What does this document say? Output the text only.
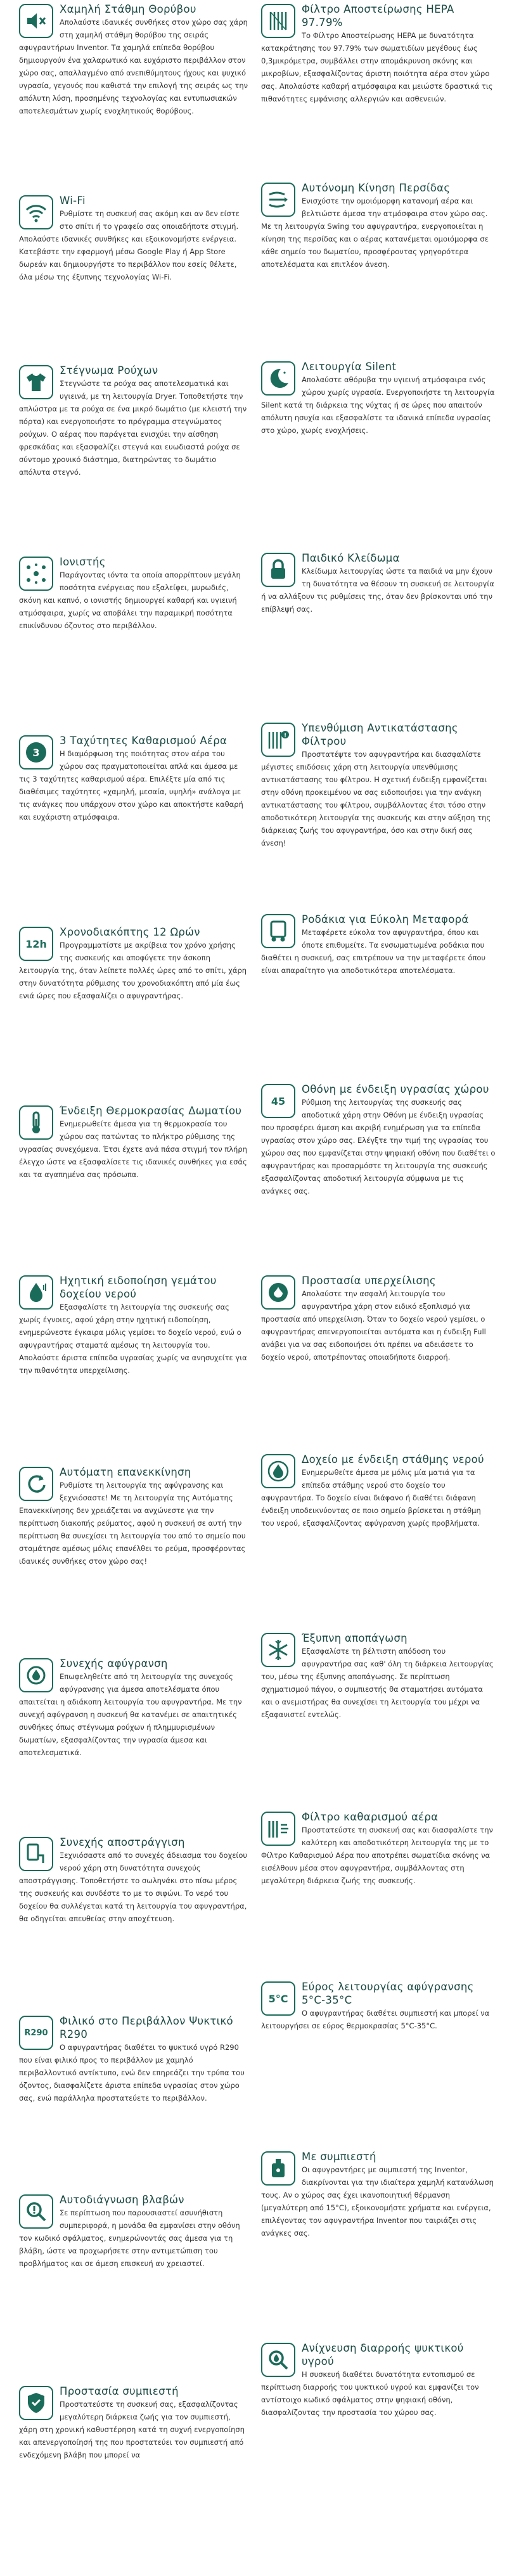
Χαμηλή Στάθμη Θορύβου

Απολαύστε ιδανικές συνθήκες στον χώρο σας χάρη στη χαμηλή στάθμη θορύβου της σειράς αφυγραντήρων Inventor. Τα χαμηλά επίπεδα θορύβου δημιουργούν ένα χαλαρωτικό και ευχάριστο περιβάλλον στον χώρο σας, απαλλαγμένο από ανεπιθύμητους ήχους και ψυχικό υγρασία, γεγονός που καθιστά την επιλογή της σειράς ως την απόλυτη λύση, προσημένης τεχνολογίας και εντυπωσιακών αποτελεσμάτων χωρίς ενοχλητικούς θορύβους.

Wi-Fi

Ρυθμίστε τη συσκευή σας ακόμη και αν δεν είστε στο σπίτι ή το γραφείο σας οποιαδήποτε στιγμή. Απολαύστε ιδανικές συνθήκες και εξοικονομήστε ενέργεια. Κατεβάστε την εφαρμογή μέσω Google Play ή App Store δωρεάν και δημιουργήστε το περιβάλλον που εσείς θέλετε, όλα μέσω της έξυπνης τεχνολογίας Wi-Fi.

Στέγνωμα Ρούχων

Στεγνώστε τα ρούχα σας αποτελεσματικά και υγιεινά, με τη λειτουργία Dryer. Τοποθετήστε την απλώστρα με τα ρούχα σε ένα μικρό δωμάτιο (με κλειστή την πόρτα) και ενεργοποιήστε το πρόγραμμα στεγνώματος ρούχων. Ο αέρας που παράγεται ενισχύει την αίσθηση φρεσκάδας και εξασφαλίζει στεγνά και ευωδιαστά ρούχα σε σύντομο χρονικό διάστημα, διατηρώντας το δωμάτιο απόλυτα στεγνό.

Ιονιστής

Παράγοντας ιόντα τα οποία απορρίπτουν μεγάλη ποσότητα ενέργειας που εξαλείφει, μυρωδιές, σκόνη και καπνό, ο ιονιστής δημιουργεί καθαρή και υγιεινή ατμόσφαιρα, χωρίς να αποβάλει την παραμικρή ποσότητα επικίνδυνου όζοντος στο περιβάλλον.

3
3 Ταχύτητες Καθαρισμού Αέρα

Η διαμόρφωση της ποιότητας στον αέρα του χώρου σας πραγματοποιείται απλά και άμεσα με τις 3 ταχύτητες καθαρισμού αέρα. Επιλέξτε μία από τις διαθέσιμες ταχύτητες «χαμηλή, μεσαία, υψηλή» ανάλογα με τις ανάγκες που υπάρχουν στον χώρο και αποκτήστε καθαρή και ευχάριστη ατμόσφαιρα.

12h
Χρονοδιακόπτης 12 Ωρών

Προγραμματίστε με ακρίβεια τον χρόνο χρήσης της συσκευής και αποφύγετε την άσκοπη λειτουργία της, όταν λείπετε πολλές ώρες από το σπίτι, χάρη στην δυνατότητα ρύθμισης του χρονοδιακόπτη από μία έως ενιά ώρες που εξασφαλίζει ο αφυγραντήρας.

Ένδειξη Θερμοκρασίας Δωματίου

Ενημερωθείτε άμεσα για τη θερμοκρασία του χώρου σας πατώντας το πλήκτρο ρύθμισης της υγρασίας συνεχόμενα. Έτσι έχετε ανά πάσα στιγμή τον πλήρη έλεγχο ώστε να εξασφαλίσετε τις ιδανικές συνθήκες για εσάς και τα αγαπημένα σας πρόσωπα.

Ηχητική ειδοποίηση γεμάτου δοχείου νερού

Εξασφαλίστε τη λειτουργία της συσκευής σας χωρίς έγνοιες, αφού χάρη στην ηχητική ειδοποίηση, ενημερώνεστε έγκαιρα μόλις γεμίσει το δοχείο νερού, ενώ ο αφυγραντήρας σταματά αμέσως τη λειτουργία του. Απολαύστε άριστα επίπεδα υγρασίας χωρίς να ανησυχείτε για την πιθανότητα υπερχείλισης.

Αυτόματη επανεκκίνηση

Ρυθμίστε τη λειτουργία της αφύγρανσης και ξεχνιόσαστε! Με τη λειτουργία της Αυτόματης Επανεκκίνησης δεν χρειάζεται να ανχώνεστε για την περίπτωση διακοπής ρεύματος, αφού η συσκευή σε αυτή την περίπτωση θα συνεχίσει τη λειτουργία του από το σημείο που σταμάτησε αμέσως μόλις επανέλθει το ρεύμα, προσφέροντας ιδανικές συνθήκες στον χώρο σας!

Συνεχής αφύγρανση

Επωφεληθείτε από τη λειτουργία της συνεχούς αφύγρανσης για άμεσα αποτελέσματα όπου απαιτείται η αδιάκοπη λειτουργία του αφυγραντήρα. Με την συνεχή αφύγρανση η συσκευή θα κατανέμει σε απαιτητικές συνθήκες όπως στέγνωμα ρούχων ή πλημμυρισμένων δωματίων, εξασφαλίζοντας την υγρασία άμεσα και αποτελεσματικά.

Συνεχής αποστράγγιση

Ξεχνιόσαστε από το συνεχές άδειασμα του δοχείου νερού χάρη στη δυνατότητα συνεχούς αποστράγγισης. Τοποθετήστε το σωληνάκι στο πίσω μέρος της συσκευής και συνδέστε το με το σιφώνι. Το νερό του δοχείου θα συλλέγεται κατά τη λειτουργία του αφυγραντήρα, θα οδηγείται απευθείας στην αποχέτευση.

R290
Φιλικό στο Περιβάλλον Ψυκτικό R290

Ο αφυγραντήρας διαθέτει το ψυκτικό υγρό R290 που είναι φιλικό προς το περιβάλλον με χαμηλό περιβαλλοντικό αντίκτυπο, ενώ δεν επηρεάζει την τρύπα του όζοντος, διασφαλίζετε άριστα επίπεδα υγρασίας στον χώρο σας, ενώ παράλληλα προστατεύετε το περιβάλλον.

Αυτοδιάγνωση βλαβών

Σε περίπτωση που παρουσιαστεί ασυνήθιστη συμπεριφορά, η μονάδα θα εμφανίσει στην οθόνη τον κωδικό σφάλματος, ενημερώνοντάς σας άμεσα για τη βλάβη, ώστε να προχωρήσετε στην αντιμετώπιση του προβλήματος και σε άμεση επισκευή αν χρειαστεί.

Προστασία συμπιεστή

Προστατεύστε τη συσκευή σας, εξασφαλίζοντας μεγαλύτερη διάρκεια ζωής για τον συμπιεστή, χάρη στη χρονική καθυστέρηση κατά τη συχνή ενεργοποίηση και απενεργοποίησή της που προστατεύει τον συμπιεστή από ενδεχόμενη βλάβη που μπορεί να

Φίλτρο Αποστείρωσης HEPA 97.79%

Το Φίλτρο Αποστείρωσης HEPA με δυνατότητα κατακράτησης του 97.79% των σωματιδίων μεγέθους έως 0,3μικρόμετρα, συμβάλλει στην απομάκρυνση σκόνης και μικροβίων, εξασφαλίζοντας άριστη ποιότητα αέρα στον χώρο σας. Απολαύστε καθαρή ατμόσφαιρα και μειώστε δραστικά τις πιθανότητες εμφάνισης αλλεργιών και ασθενειών.

Αυτόνομη Κίνηση Περσίδας

Ενισχύστε την ομοιόμορφη κατανομή αέρα και βελτιώστε άμεσα την ατμόσφαιρα στον χώρο σας. Με τη λειτουργία Swing του αφυγραντήρα, ενεργοποιείται η κίνηση της περσίδας και ο αέρας κατανέμεται ομοιόμορφα σε κάθε σημείο του δωματίου, προσφέροντας γρηγορότερα αποτελέσματα και επιτλέον άνεση.

Λειτουργία Silent

Απολαύστε αθόρυβα την υγιεινή ατμόσφαιρα ενός χώρου χωρίς υγρασία. Ενεργοποιήστε τη λειτουργία Silent κατά τη διάρκεια της νύχτας ή σε ώρες που απαιτούν απόλυτη ησυχία και εξασφαλίστε τα ιδανικά επίπεδα υγρασίας στο χώρο, χωρίς ενοχλήσεις.

Παιδικό Κλείδωμα

Κλείδωμα λειτουργίας ώστε τα παιδιά να μην έχουν τη δυνατότητα να θέσουν τη συσκευή σε λειτουργία ή να αλλάξουν τις ρυθμίσεις της, όταν δεν βρίσκονται υπό την επίβλεψή σας.

!
Υπενθύμιση Αντικατάστασης Φίλτρου

Προστατέψτε τον αφυγραντήρα και διασφαλίστε μέγιστες επιδόσεις χάρη στη λειτουργία υπενθύμισης αντικατάστασης του φίλτρου. Η σχετική ένδειξη εμφανίζεται στην οθόνη προκειμένου να σας ειδοποιήσει για την ανάγκη αντικατάστασης του φίλτρου, συμβάλλοντας έτσι τόσο στην αποδοτικότερη λειτουργία της συσκευής και στην αύξηση της διάρκειας ζωής του αφυγραντήρα, όσο και στην δική σας άνεση!

Ροδάκια για Εύκολη Μεταφορά

Μεταφέρετε εύκολα τον αφυγραντήρα, όπου και όποτε επιθυμείτε. Τα ενσωματωμένα ροδάκια που διαθέτει η συσκευή, σας επιτρέπουν να την μεταφέρετε όπου είναι απαραίτητο για αποδοτικότερα αποτελέσματα.

45
Οθόνη με ένδειξη υγρασίας χώρου

Ρύθμιση της λειτουργίας της συσκευής σας αποδοτικά χάρη στην Οθόνη με ένδειξη υγρασίας που προσφέρει άμεση και ακριβή ενημέρωση για τα επίπεδα υγρασίας στον χώρο σας. Ελέγξτε την τιμή της υγρασίας του χώρου σας που εμφανίζεται στην ψηφιακή οθόνη που διαθέτει ο αφυγραντήρας και προσαρμόστε τη λειτουργία της συσκευής εξασφαλίζοντας αποδοτική λειτουργία σύμφωνα με τις ανάγκες σας.

Προστασία υπερχείλισης

Απολαύστε την ασφαλή λειτουργία του αφυγραντήρα χάρη στον ειδικό εξοπλισμό για προστασία από υπερχείλιση. Όταν το δοχείο νερού γεμίσει, ο αφυγραντήρας απενεργοποιείται αυτόματα και η ένδειξη Full ανάβει για να σας ειδοποιήσει ότι πρέπει να αδειάσετε το δοχείο νερού, αποτρέποντας οποιαδήποτε διαρροή.

Δοχείο με ένδειξη στάθμης νερού

Ενημερωθείτε άμεσα με μόλις μία ματιά για τα επίπεδα στάθμης νερού στο δοχείο του αφυγραντήρα. Το δοχείο είναι διάφανο ή διαθέτει διάφανη ένδειξη υποδεικνύοντας σε ποιο σημείο βρίσκεται η στάθμη του νερού, εξασφαλίζοντας αφύγρανση χωρίς προβλήματα.

Έξυπνη αποπάγωση

Εξασφαλίστε τη βέλτιστη απόδοση του αφυγραντήρα σας καθ' όλη τη διάρκεια λειτουργίας του, μέσω της έξυπνης αποπάγωσης. Σε περίπτωση σχηματισμού πάγου, ο συμπιεστής θα σταματήσει αυτόματα και ο ανεμιστήρας θα συνεχίσει τη λειτουργία του μέχρι να εξαφανιστεί εντελώς.

Φίλτρο καθαρισμού αέρα

Προστατεύστε τη συσκευή σας και διασφαλίστε την καλύτερη και αποδοτικότερη λειτουργία της με το Φίλτρο Καθαρισμού Αέρα που αποτρέπει σωματίδια σκόνης να εισέλθουν μέσα στον αφυγραντήρα, συμβάλλοντας στη μεγαλύτερη διάρκεια ζωής της συσκευής.

5°C
Εύρος λειτουργίας αφύγρανσης 5°C-35°C

Ο αφυγραντήρας διαθέτει συμπιεστή και μπορεί να λειτουργήσει σε εύρος θερμοκρασίας 5°C-35°C.

Με συμπιεστή

Οι αφυγραντήρες με συμπιεστή της Inventor, διακρίνονται για την ιδιαίτερα χαμηλή κατανάλωση τους. Αν ο χώρος σας έχει ικανοποιητική θέρμανση (μεγαλύτερη από 15°C), εξοικονομήστε χρήματα και ενέργεια, επιλέγοντας τον αφυγραντήρα Inventor που ταιριάζει στις ανάγκες σας.

Ανίχνευση διαρροής ψυκτικού υγρού

Η συσκευή διαθέτει δυνατότητα εντοπισμού σε περίπτωση διαρροής του ψυκτικού υγρού και εμφανίζει τον αντίστοιχο κωδικό σφάλματος στην ψηφιακή οθόνη, διασφαλίζοντας την προστασία του χώρου σας.
